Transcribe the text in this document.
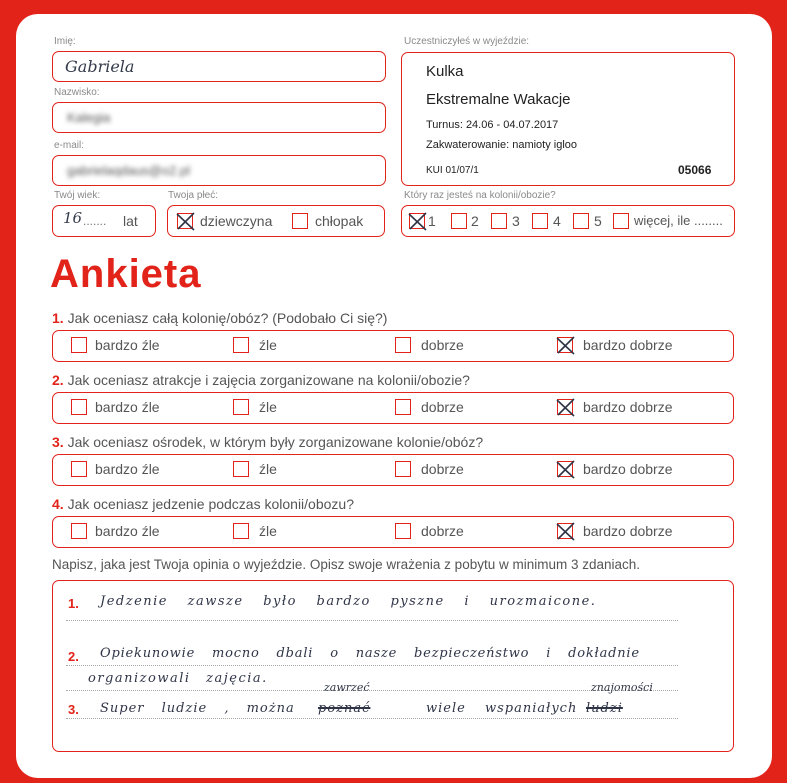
Imię:
Gabriela
Nazwisko:
Kalegia
e-mail:
gabrielaqdaus@o2.pl
Twój wiek:
16 ....... lat
Twoja płeć:
dziewczyna	chłopak
Uczestniczyłeś w wyjeździe:
Kulka
Ekstremalne Wakacje
Turnus: 24.06 - 04.07.2017
Zakwaterowanie: namioty igloo
KUI 01/07/1	05066
Który raz jesteś na kolonii/obozie?
1	2 3 4 5 więcej, ile ........
Ankieta
1. Jak oceniasz całą kolonię/obóz? (Podobało Ci się?)
bardzo źle	źle	dobrze	bardzo dobrze
2. Jak oceniasz atrakcje i zajęcia zorganizowane na kolonii/obozie?
bardzo źle	źle	dobrze	bardzo dobrze
3. Jak oceniasz ośrodek, w którym były zorganizowane kolonie/obóz?
bardzo źle	źle	dobrze	bardzo dobrze
4. Jak oceniasz jedzenie podczas kolonii/obozu?
bardzo źle	źle	dobrze	bardzo dobrze
Napisz, jaka jest Twoja opinia o wyjeździe. Opisz swoje wrażenia z pobytu w minimum 3 zdaniach.
1. Jedzenie zawsze było bardzo pyszne i urozmaicone.
2. Opiekunowie mocno dbali o nasze bezpieczeństwo i dokładnie
organizowali zajęcia.
3. Super ludzie , można poznać
zawrzeć
wiele wspaniałych ludzi
znajomości
